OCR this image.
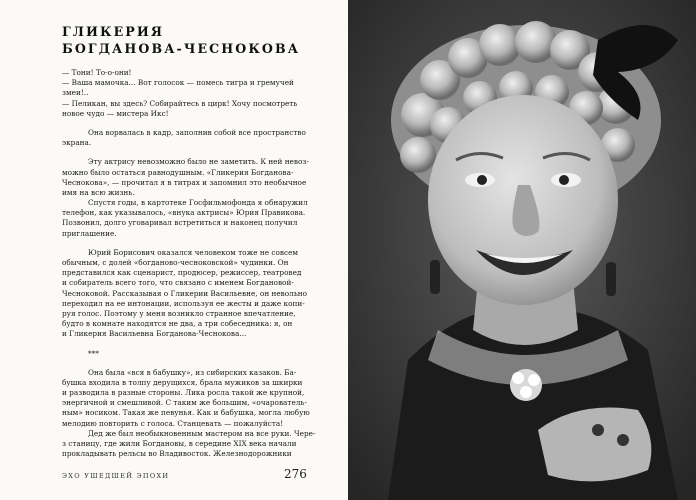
ГЛИКЕРИЯ
БОГДАНОВА-ЧЕСНОКОВА
— Тони! То-о-они!
— Ваша мамочка... Вот голосок — помесь тигра и гремучей
змеи!..
— Пеликан, вы здесь? Собирайтесь в цирк! Хочу посмотреть
новое чудо — мистера Икс!
Она ворвалась в кадр, заполнив собой все пространство
экрана.
Эту актрису невозможно было не заметить. К ней невоз-
можно было остаться равнодушным. «Гликерия Богданова-
Чеснокова», — прочитал я в титрах и запомнил это необычное
имя на всю жизнь.
Спустя годы, в картотеке Госфильмофонда я обнаружил
телефон, как указывалось, «внука актрисы» Юрия Правикова.
Позвонил, долго уговаривал встретиться и наконец получил
приглашение.
Юрий Борисович оказался человеком тоже не совсем
обычным, с долей «богданово-чесноковской» чудинки. Он
представился как сценарист, продюсер, режиссер, театровед
и собиратель всего того, что связано с именем Богдановой-
Чесноковой. Рассказывая о Гликерии Васильевне, он невольно
переходил на ее интонации, используя ее жесты и даже копи-
руя голос. Поэтому у меня возникло странное впечатление,
будто в комнате находятся не два, а три собеседника: я, он
и Гликерия Васильевна Богданова-Чеснокова...
***
Она была «вся в бабушку», из сибирских казаков. Ба-
бушка входила в толпу дерущихся, брала мужиков за шкирки
и разводила в разные стороны. Лика росла такой же крупной,
энергичной и смешливой. С таким же большим, «очарователь-
ным» носиком. Такая же певунья. Как и бабушка, могла любую
мелодию повторить с голоса. Станцевать — пожалуйста!
Дед же был необыкновенным мастером на все руки. Чере-
з станицу, где жили Богдановы, в середине XIX века начали
прокладывать рельсы во Владивосток. Железнодорожники
ЭХО УШЕДШЕЙ ЭПОХИ	276
